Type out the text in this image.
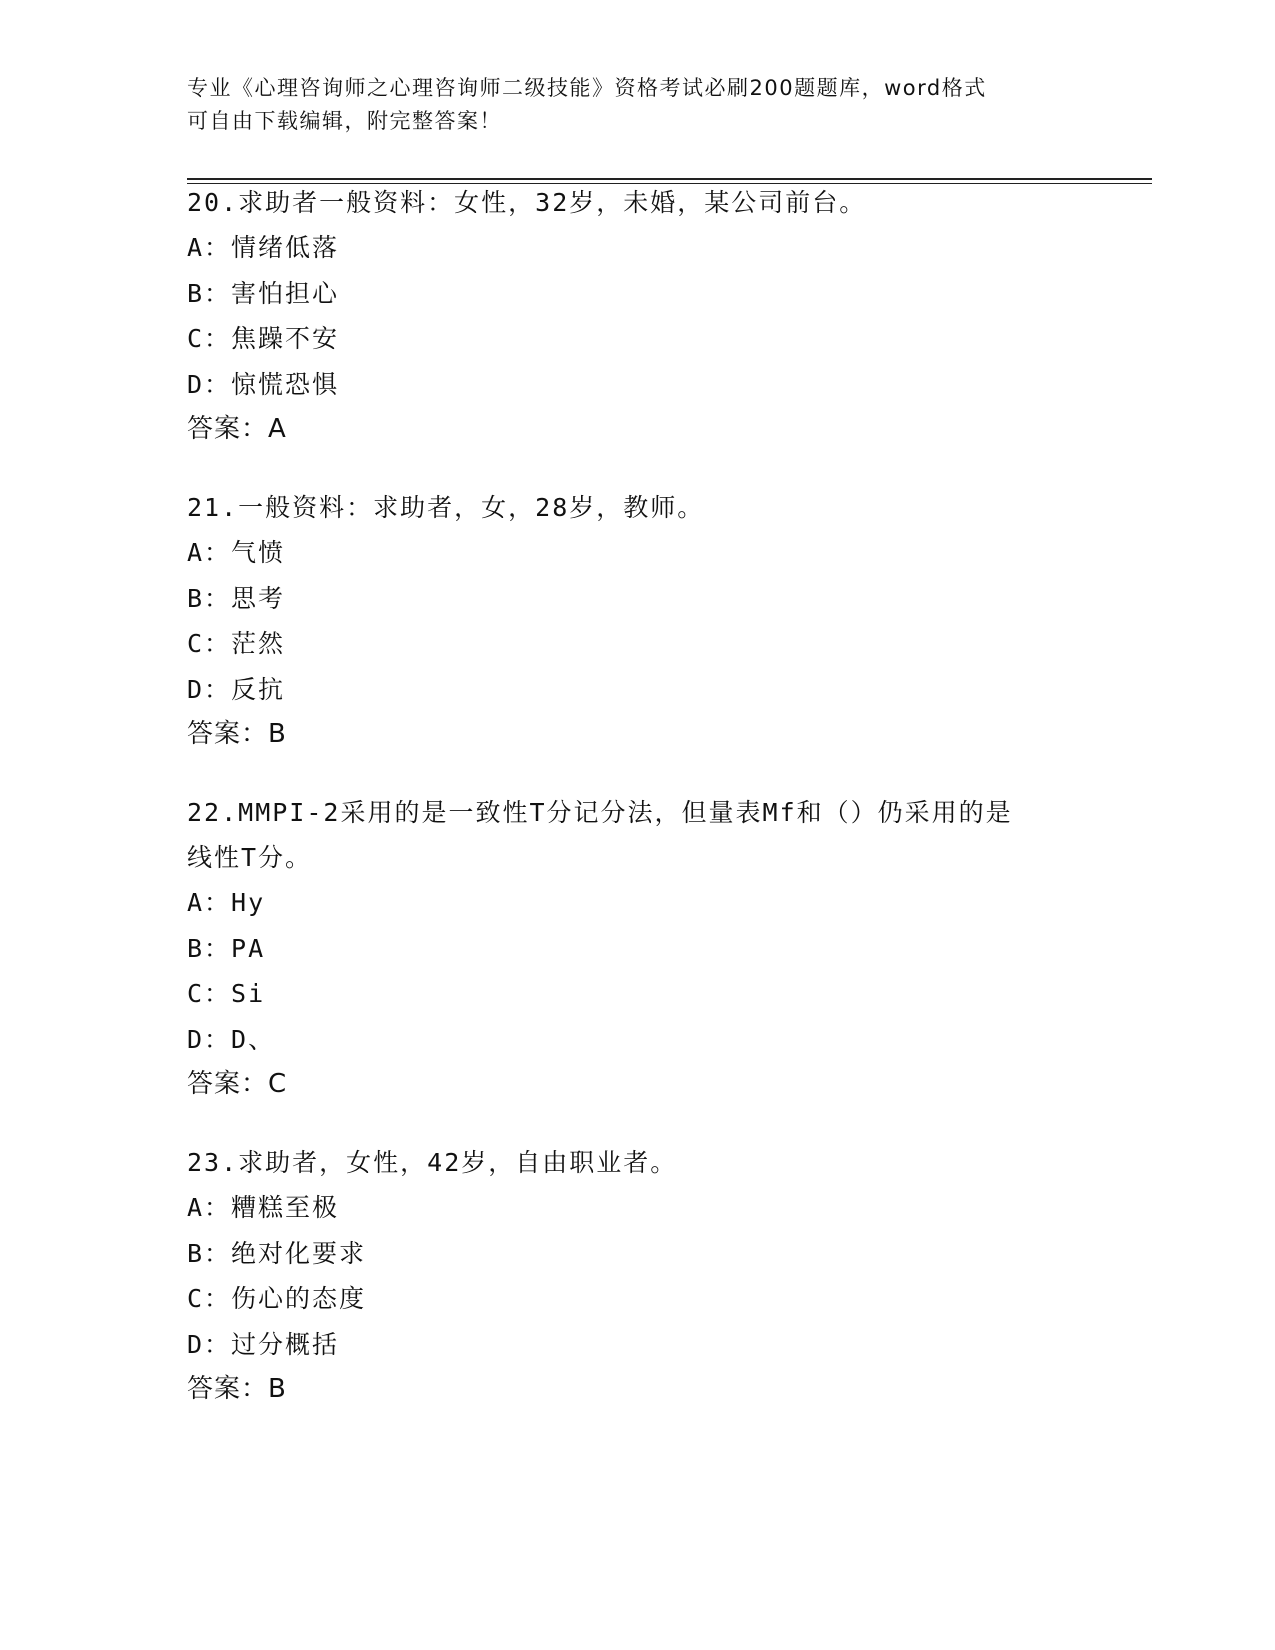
专业《心理咨询师之心理咨询师二级技能》资格考试必刷200题题库，word格式
可自由下载编辑，附完整答案！

20.求助者一般资料：女性，32岁，未婚，某公司前台。

A：情绪低落
B：害怕担心
C：焦躁不安
D：惊慌恐惧
答案：A

21.一般资料：求助者，女，28岁，教师。

A：气愤
B：思考
C：茫然
D：反抗
答案：B

22.MMPI-2采用的是一致性T分记分法，但量表Mf和（）仍采用的是线性T分。

A：Hy
B：PA
C：Si
D：D、
答案：C

23.求助者，女性，42岁，自由职业者。

A：糟糕至极
B：绝对化要求
C：伤心的态度
D：过分概括
答案：B
